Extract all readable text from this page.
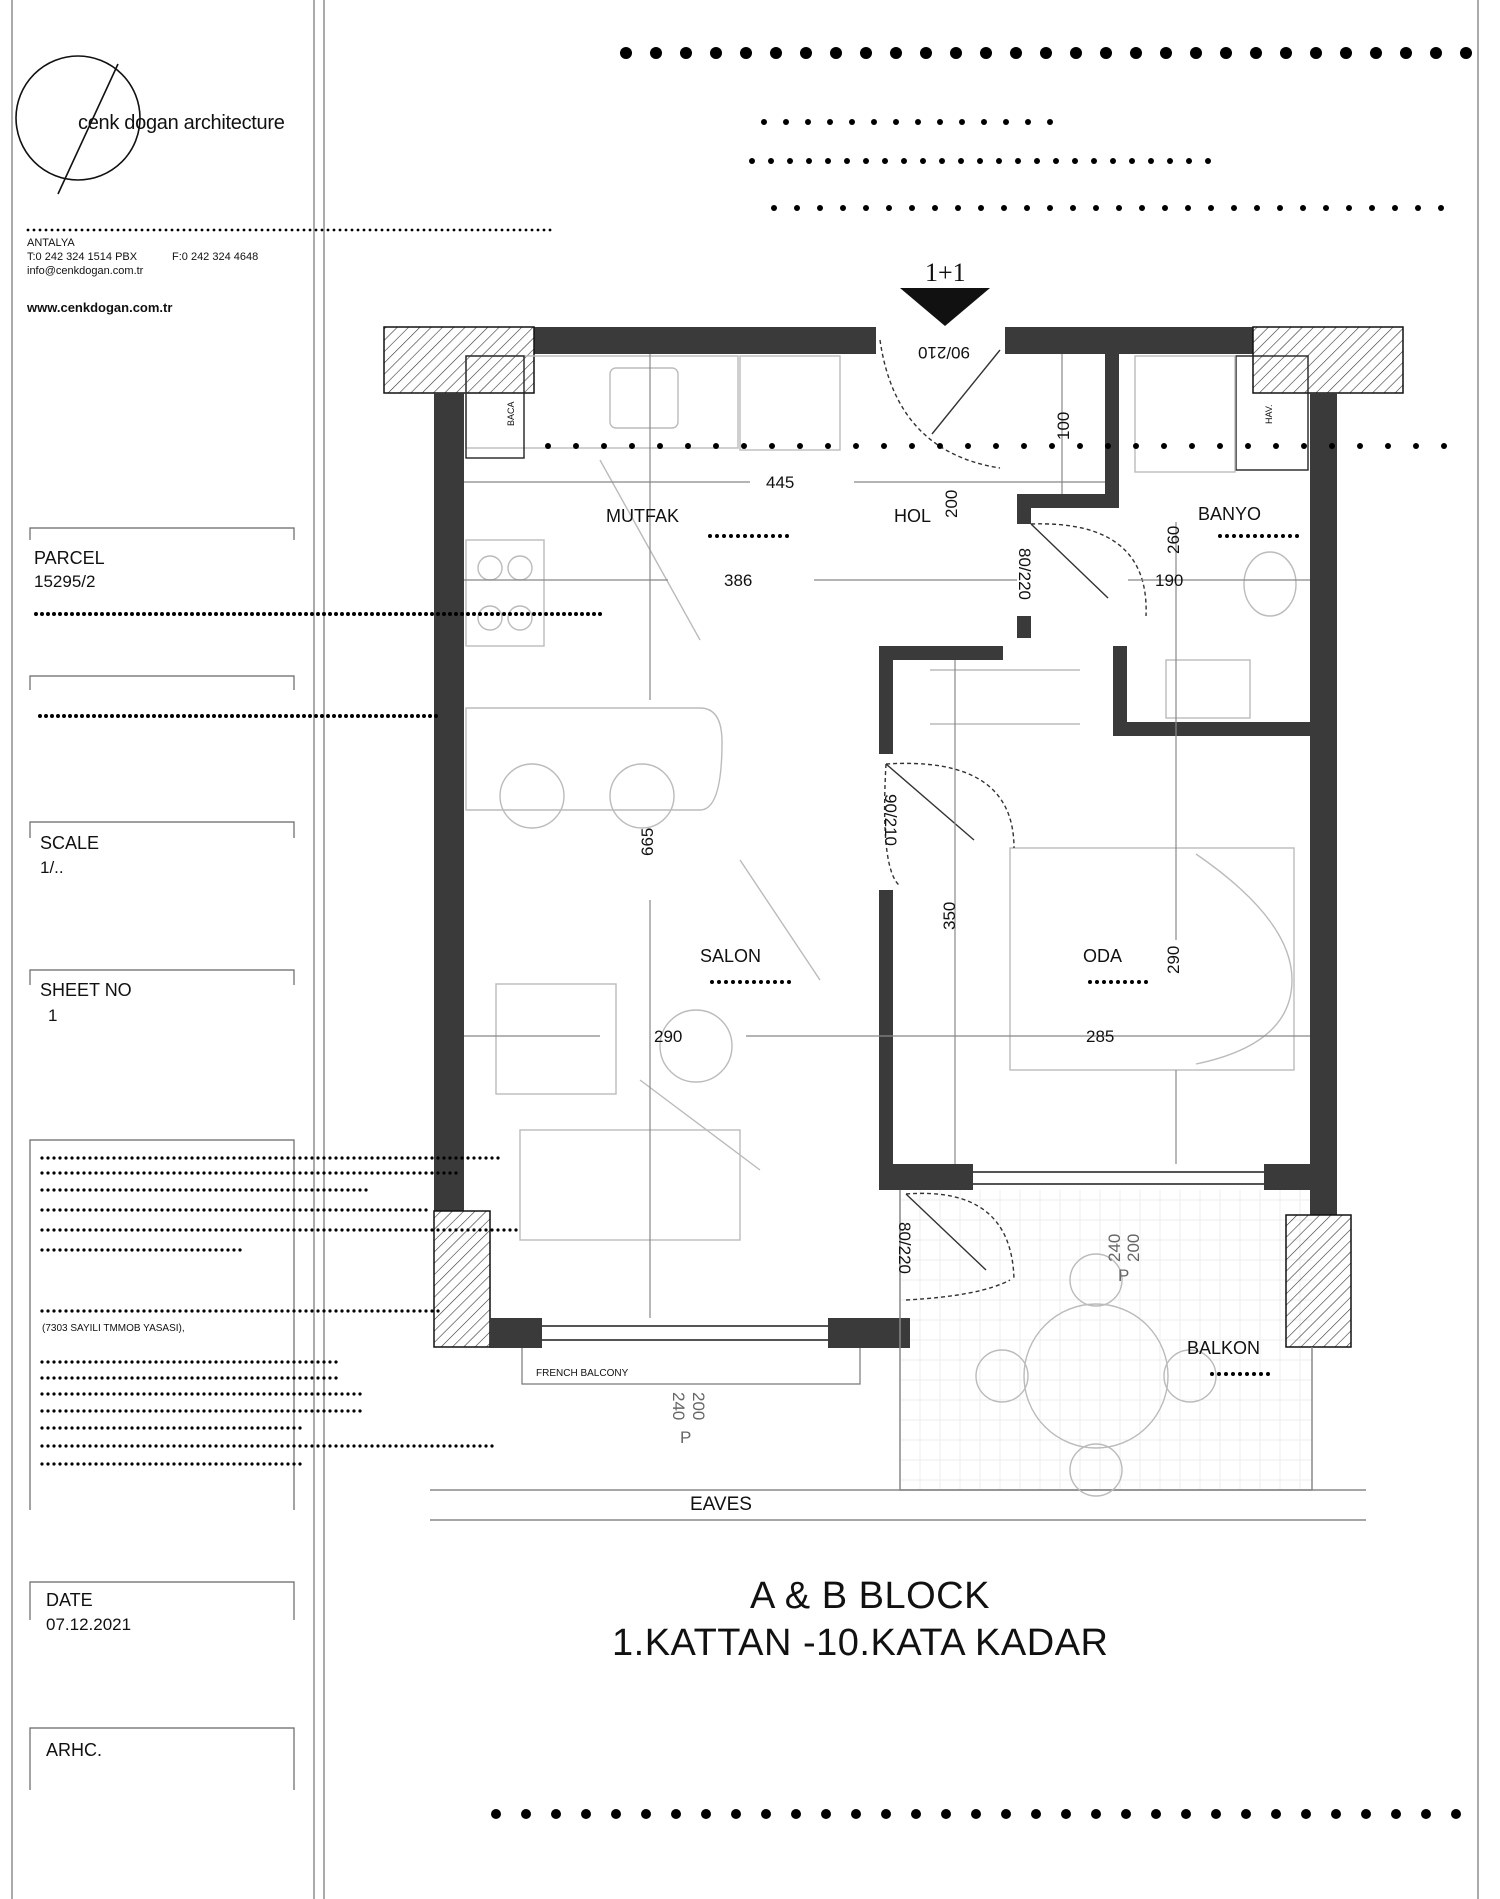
cenk dogan architecture
ANTALYA
T:0 242 324 1514 PBX	F:0 242 324 4648
info@cenkdogan.com.tr
www.cenkdogan.com.tr
PARCEL
15295/2
SCALE
1/..
SHEET NO
1
(7303 SAYILI TMMOB YASASI),
DATE
07.12.2021
ARHC.
1+1
A & B BLOCK
1.KATTAN -10.KATA KADAR
EAVES
FRENCH BALCONY
MUTFAK	HOL	BANYO
SALON	ODA
BALKON
BACA	HAV.
90/210
80/220
90/210
80/220	200
240
P
200
240
P
445
386
665
290
200
100
260
190
350
285
290
